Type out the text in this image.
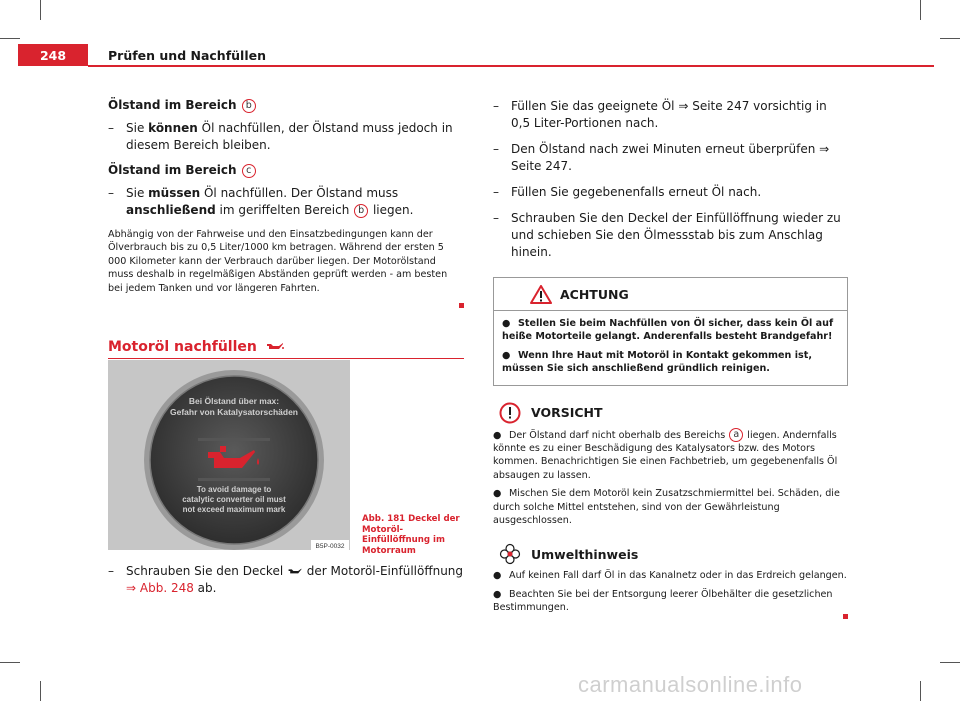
248	Prüfen und Nachfüllen
Ölstand im Bereich b
– Sie können Öl nachfüllen, der Ölstand muss jedoch in diesem Bereich bleiben.
Ölstand im Bereich c
– Sie müssen Öl nachfüllen. Der Ölstand muss anschließend im geriffelten Bereich b liegen.
Abhängig von der Fahrweise und den Einsatzbedingungen kann der Ölverbrauch bis zu 0,5 Liter/1000 km betragen. Während der ersten 5 000 Kilometer kann der Verbrauch darüber liegen. Der Motorölstand muss deshalb in regelmäßigen Abständen geprüft werden - am besten bei jedem Tanken und vor längeren Fahrten.
Motoröl nachfüllen
Bei Ölstand über max:
Gefahr von Katalysatorschäden
To avoid damage to
catalytic converter oil must
not exceed maximum mark
B5P-0032
Abb. 181 Deckel der Motoröl-Einfüllöffnung im Motorraum
– Schrauben Sie den Deckel  der Motoröl-Einfüllöffnung
⇒ Abb. 248 ab.
– Füllen Sie das geeignete Öl ⇒ Seite 247 vorsichtig in 0,5 Liter-Portionen nach.
– Den Ölstand nach zwei Minuten erneut überprüfen ⇒ Seite 247.
– Füllen Sie gegebenenfalls erneut Öl nach.
– Schrauben Sie den Deckel der Einfüllöffnung wieder zu und schieben Sie den Ölmessstab bis zum Anschlag hinein.
ACHTUNG
● Stellen Sie beim Nachfüllen von Öl sicher, dass kein Öl auf heiße Motorteile gelangt. Anderenfalls besteht Brandgefahr!
● Wenn Ihre Haut mit Motoröl in Kontakt gekommen ist, müssen Sie sich anschließend gründlich reinigen.
VORSICHT
● Der Ölstand darf nicht oberhalb des Bereichs a liegen. Andernfalls könnte es zu einer Beschädigung des Katalysators bzw. des Motors kommen. Benachrichtigen Sie einen Fachbetrieb, um gegebenenfalls Öl absaugen zu lassen.
● Mischen Sie dem Motoröl kein Zusatzschmiermittel bei. Schäden, die durch solche Mittel entstehen, sind von der Gewährleistung ausgeschlossen.
Umwelthinweis
● Auf keinen Fall darf Öl in das Kanalnetz oder in das Erdreich gelangen.
● Beachten Sie bei der Entsorgung leerer Ölbehälter die gesetzlichen Bestimmungen.
carmanualsonline.info
